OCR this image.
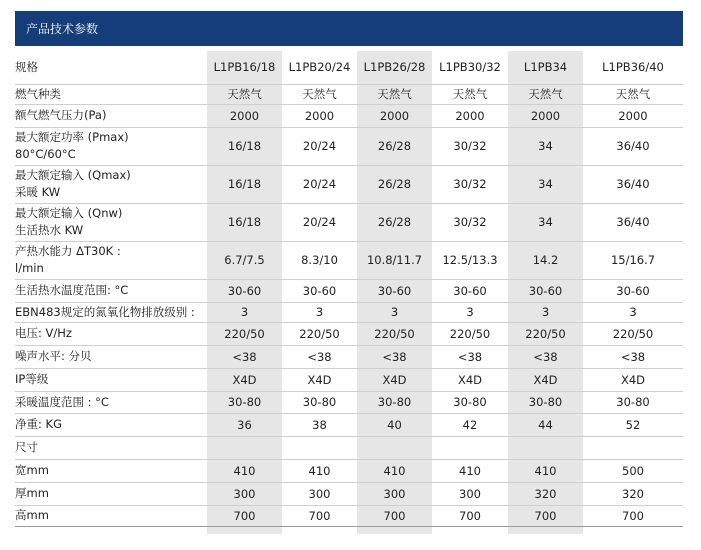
产品技术参数
规格	L1PB16/18	L1PB20/24	L1PB26/28	L1PB30/32	L1PB34	L1PB36/40
燃气种类	天然气	天然气	天然气	天然气	天然气	天然气
额气燃气压力(Pa)	2000	2000	2000	2000	2000	2000

最大额定功率 (Pmax)
80°C/60°C	16/18	20/24	26/28	30/32	34	36/40

最大额定输入 (Qmax)
采暖 KW	16/18	20/24	26/28	30/32	34	36/40

最大额定输入 (Qnw)
生活热水 KW	16/18	20/24	26/28	30/32	34	36/40

产热水能力 ΔT30K :
l/min	6.7/7.5	8.3/10	10.8/11.7	12.5/13.3	14.2	15/16.7
生活热水温度范围: °C	30-60	30-60	30-60	30-60	30-60	30-60
EBN483规定的氮氧化物排放级别 :	3	3	3	3	3	3
电压: V/Hz	220/50	220/50	220/50	220/50	220/50	220/50
噪声水平: 分贝	<38	<38	<38	<38	<38	<38
IP等级	X4D	X4D	X4D	X4D	X4D	X4D
采暖温度范围 : °C	30-80	30-80	30-80	30-80	30-80	30-80
净重: KG	36	38	40	42	44	52
尺寸						
宽mm	410	410	410	410	410	500
厚mm	300	300	300	300	320	320
高mm	700	700	700	700	700	700
